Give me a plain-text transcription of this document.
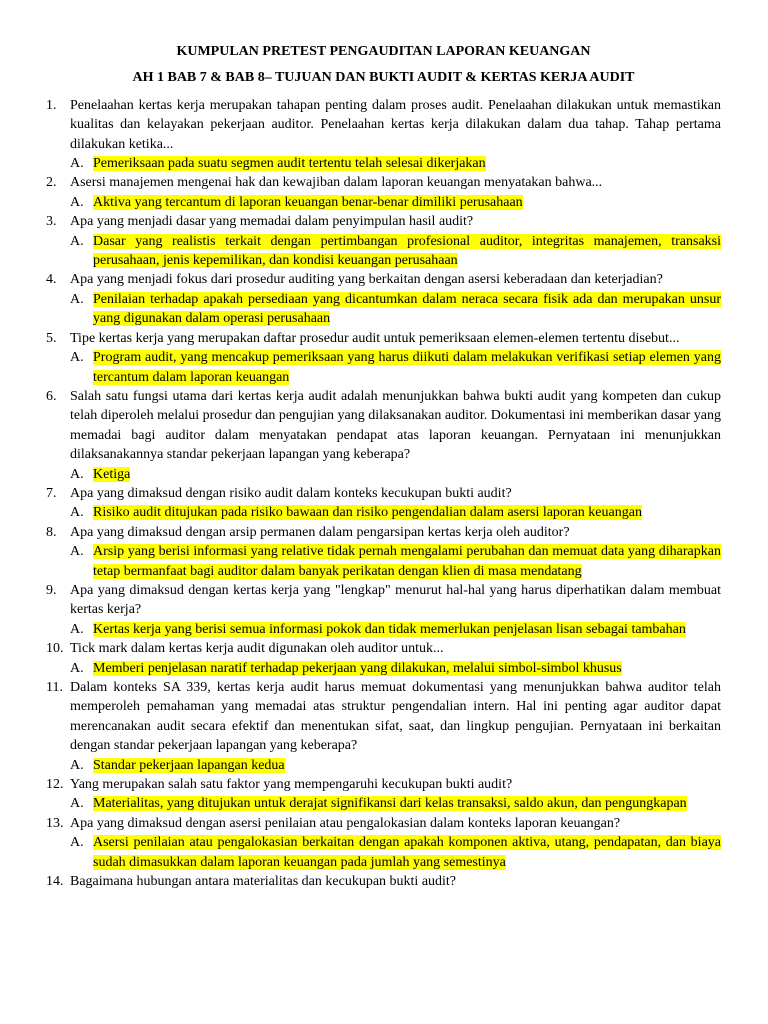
KUMPULAN PRETEST PENGAUDITAN LAPORAN KEUANGAN

AH 1 BAB 7 & BAB 8– TUJUAN DAN BUKTI AUDIT & KERTAS KERJA AUDIT

1. Penelaahan kertas kerja merupakan tahapan penting dalam proses audit. Penelaahan dilakukan untuk memastikan kualitas dan kelayakan pekerjaan auditor. Penelaahan kertas kerja dilakukan dalam dua tahap. Tahap pertama dilakukan ketika...
A. Pemeriksaan pada suatu segmen audit tertentu telah selesai dikerjakan
2. Asersi manajemen mengenai hak dan kewajiban dalam laporan keuangan menyatakan bahwa...
A. Aktiva yang tercantum di laporan keuangan benar-benar dimiliki perusahaan
3. Apa yang menjadi dasar yang memadai dalam penyimpulan hasil audit?
A. Dasar yang realistis terkait dengan pertimbangan profesional auditor, integritas manajemen, transaksi perusahaan, jenis kepemilikan, dan kondisi keuangan perusahaan
4. Apa yang menjadi fokus dari prosedur auditing yang berkaitan dengan asersi keberadaan dan keterjadian?
A. Penilaian terhadap apakah persediaan yang dicantumkan dalam neraca secara fisik ada dan merupakan unsur yang digunakan dalam operasi perusahaan
5. Tipe kertas kerja yang merupakan daftar prosedur audit untuk pemeriksaan elemen-elemen tertentu disebut...
A. Program audit, yang mencakup pemeriksaan yang harus diikuti dalam melakukan verifikasi setiap elemen yang tercantum dalam laporan keuangan
6. Salah satu fungsi utama dari kertas kerja audit adalah menunjukkan bahwa bukti audit yang kompeten dan cukup telah diperoleh melalui prosedur dan pengujian yang dilaksanakan auditor. Dokumentasi ini memberikan dasar yang memadai bagi auditor dalam menyatakan pendapat atas laporan keuangan. Pernyataan ini menunjukkan dilaksanakannya standar pekerjaan lapangan yang keberapa?
A. Ketiga
7. Apa yang dimaksud dengan risiko audit dalam konteks kecukupan bukti audit?
A. Risiko audit ditujukan pada risiko bawaan dan risiko pengendalian dalam asersi laporan keuangan
8. Apa yang dimaksud dengan arsip permanen dalam pengarsipan kertas kerja oleh auditor?
A. Arsip yang berisi informasi yang relative tidak pernah mengalami perubahan dan memuat data yang diharapkan tetap bermanfaat bagi auditor dalam banyak perikatan dengan klien di masa mendatang
9. Apa yang dimaksud dengan kertas kerja yang "lengkap" menurut hal-hal yang harus diperhatikan dalam membuat kertas kerja?
A. Kertas kerja yang berisi semua informasi pokok dan tidak memerlukan penjelasan lisan sebagai tambahan
10. Tick mark dalam kertas kerja audit digunakan oleh auditor untuk...
A. Memberi penjelasan naratif terhadap pekerjaan yang dilakukan, melalui simbol-simbol khusus
11. Dalam konteks SA 339, kertas kerja audit harus memuat dokumentasi yang menunjukkan bahwa auditor telah memperoleh pemahaman yang memadai atas struktur pengendalian intern. Hal ini penting agar auditor dapat merencanakan audit secara efektif dan menentukan sifat, saat, dan lingkup pengujian. Pernyataan ini berkaitan dengan standar pekerjaan lapangan yang keberapa?
A. Standar pekerjaan lapangan kedua
12. Yang merupakan salah satu faktor yang mempengaruhi kecukupan bukti audit?
A. Materialitas, yang ditujukan untuk derajat signifikansi dari kelas transaksi, saldo akun, dan pengungkapan
13. Apa yang dimaksud dengan asersi penilaian atau pengalokasian dalam konteks laporan keuangan?
A. Asersi penilaian atau pengalokasian berkaitan dengan apakah komponen aktiva, utang, pendapatan, dan biaya sudah dimasukkan dalam laporan keuangan pada jumlah yang semestinya
14. Bagaimana hubungan antara materialitas dan kecukupan bukti audit?
